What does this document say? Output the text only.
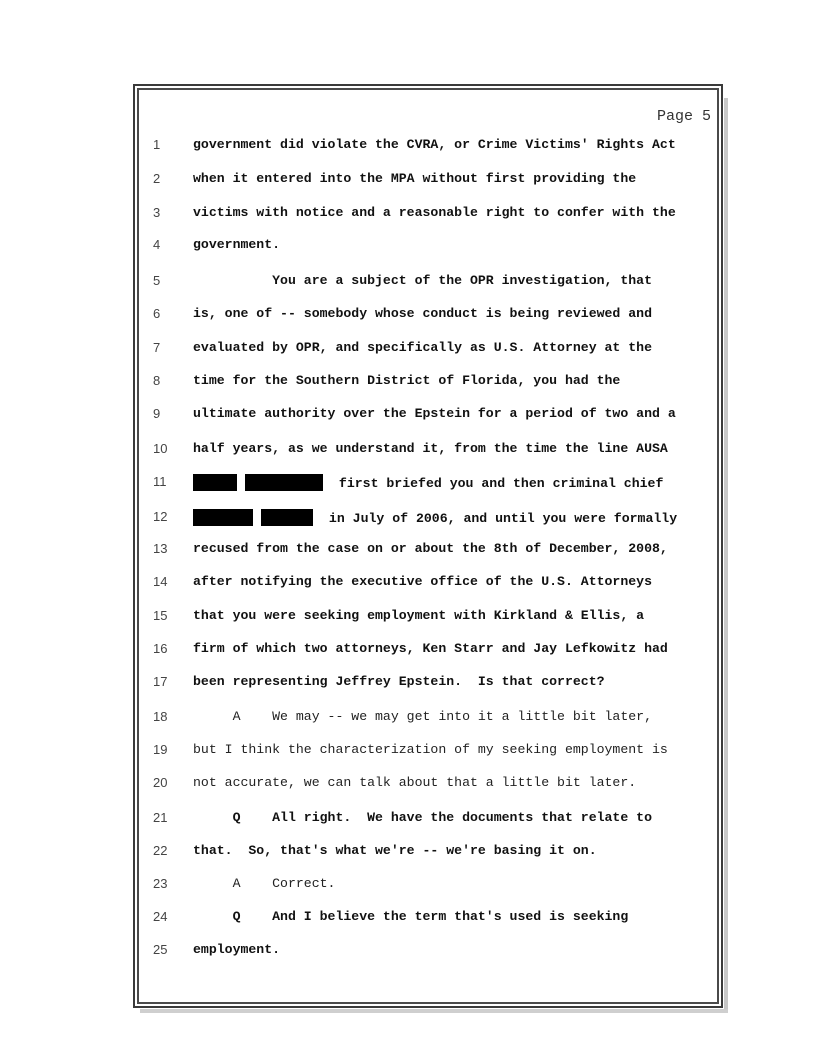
Page 5
1 government did violate the CVRA, or Crime Victims' Rights Act
2 when it entered into the MPA without first providing the
3 victims with notice and a reasonable right to confer with the
4 government.
5 You are a subject of the OPR investigation, that
6 is, one of -- somebody whose conduct is being reviewed and
7 evaluated by OPR, and specifically as U.S. Attorney at the
8 time for the Southern District of Florida, you had the
9 ultimate authority over the Epstein for a period of two and a
10 half years, as we understand it, from the time the line AUSA
11	first briefed you and then criminal chief
12	in July of 2006, and until you were formally
13 recused from the case on or about the 8th of December, 2008,
14 after notifying the executive office of the U.S. Attorneys
15 that you were seeking employment with Kirkland & Ellis, a
16 firm of which two attorneys, Ken Starr and Jay Lefkowitz had
17 been representing Jeffrey Epstein.  Is that correct?
18 A    We may -- we may get into it a little bit later,
19 but I think the characterization of my seeking employment is
20 not accurate, we can talk about that a little bit later.
21 Q    All right.  We have the documents that relate to
22 that.  So, that's what we're -- we're basing it on.
23 A    Correct.
24 Q    And I believe the term that's used is seeking
25 employment.
